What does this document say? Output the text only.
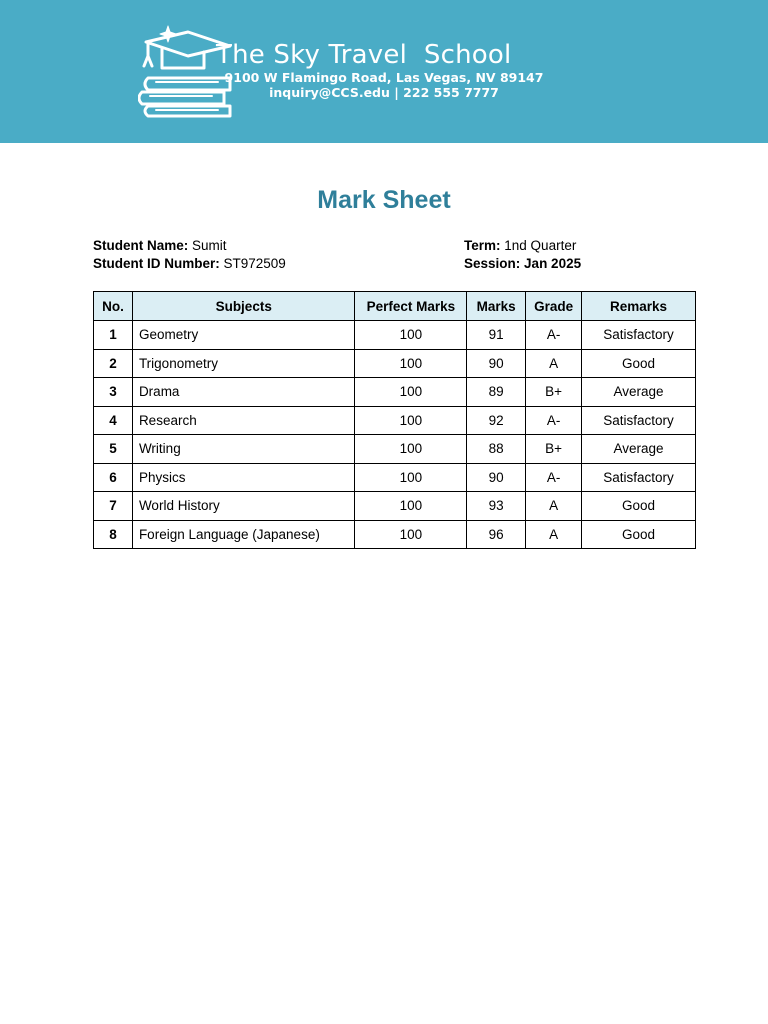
The Sky Travel  School
9100 W Flamingo Road, Las Vegas, NV 89147
inquiry@CCS.edu | 222 555 7777
Mark Sheet
Student Name: Sumit
Student ID Number: ST972509
Term: 1nd Quarter
Session: Jan 2025
No.	Subjects	Perfect Marks	Marks	Grade	Remarks
1	Geometry	100	91	A-	Satisfactory
2	Trigonometry	100	90	A	Good
3	Drama	100	89	B+	Average
4	Research	100	92	A-	Satisfactory
5	Writing	100	88	B+	Average
6	Physics	100	90	A-	Satisfactory
7	World History	100	93	A	Good
8	Foreign Language (Japanese)	100	96	A	Good
